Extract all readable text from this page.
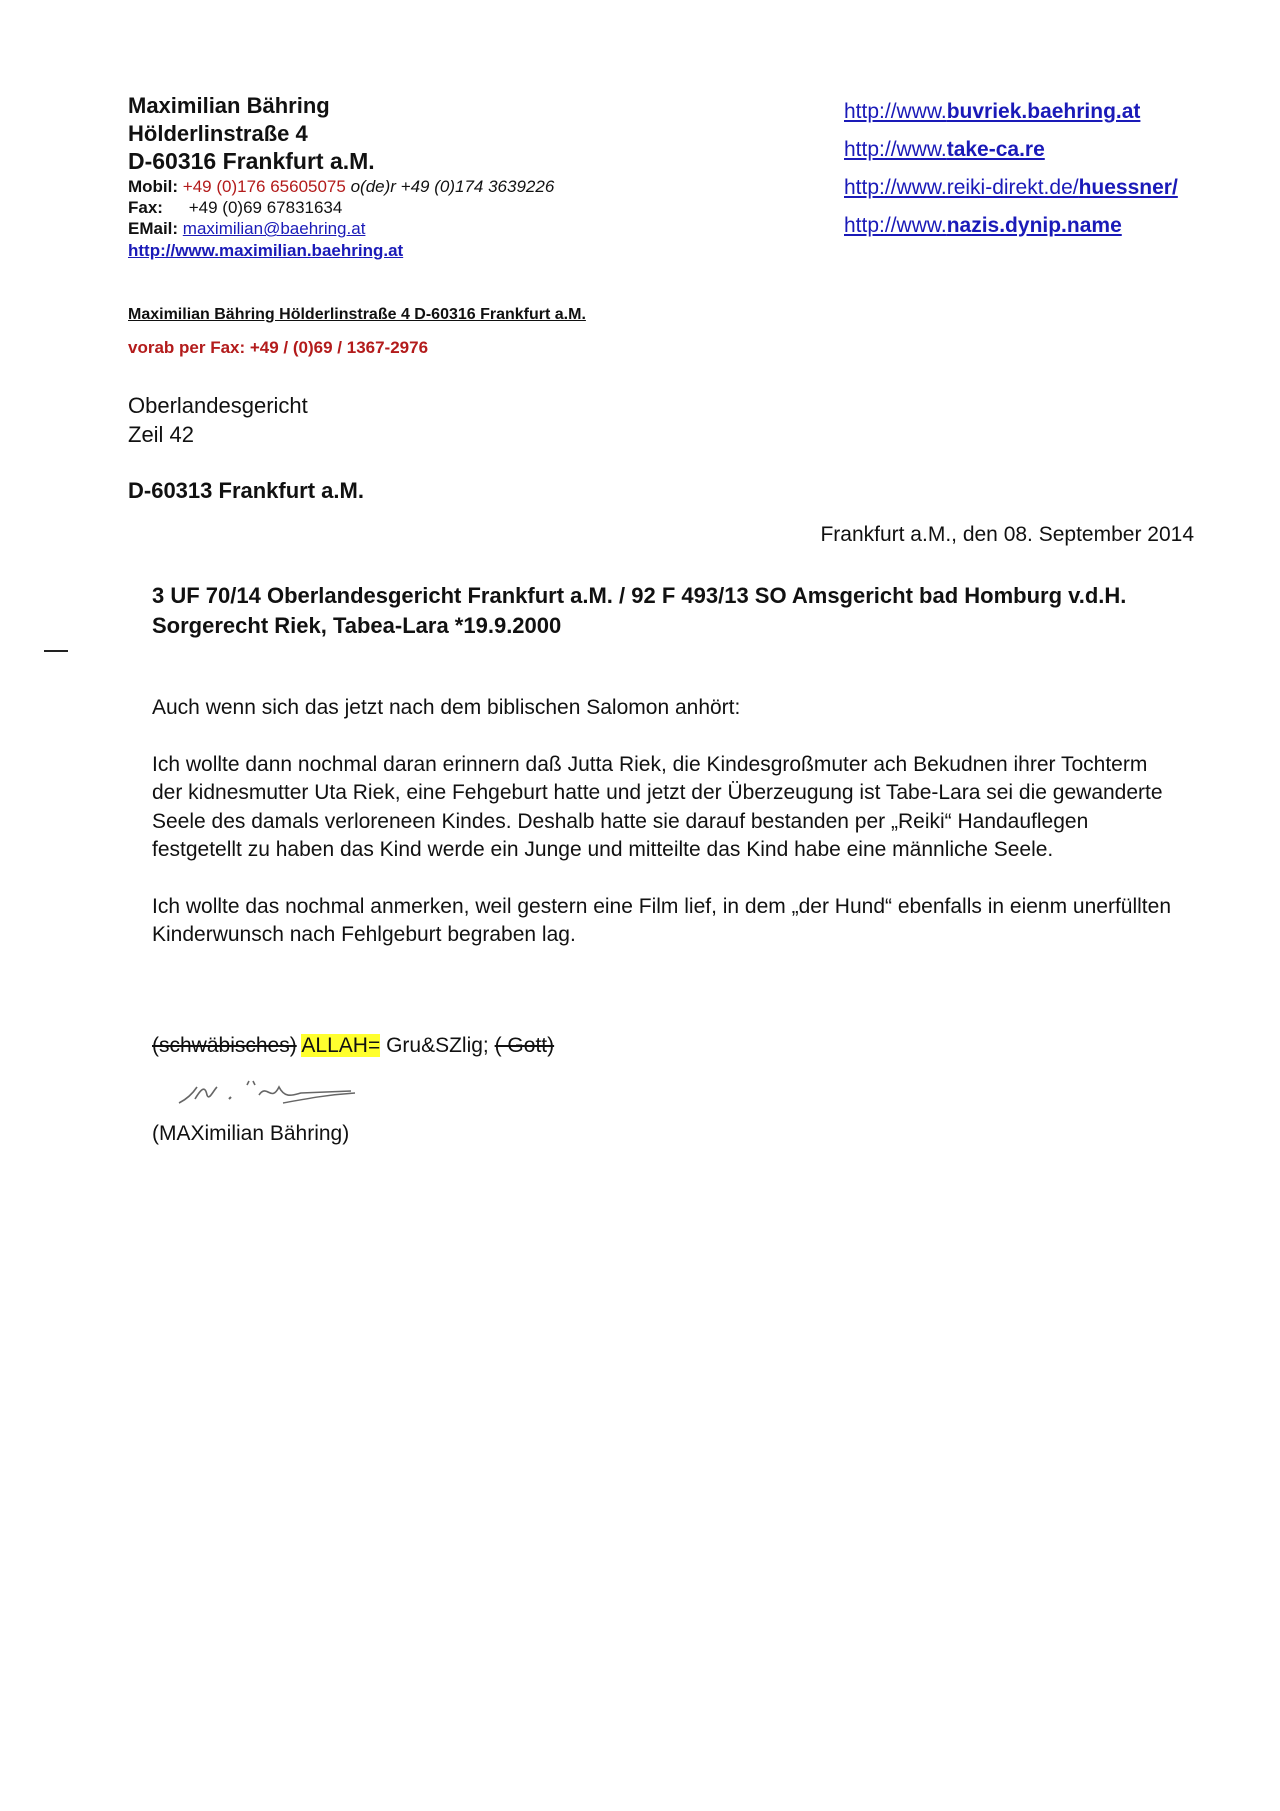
Maximilian Bähring
Hölderlinstraße 4
D-60316 Frankfurt a.M.
Mobil: +49 (0)176 65605075 o(de)r +49 (0)174 3639226
Fax: +49 (0)69 67831634
EMail: maximilian@baehring.at
http://www.maximilian.baehring.at
http://www.buvriek.baehring.at
http://www.take-ca.re
http://www.reiki-direkt.de/huessner/
http://www.nazis.dynip.name
Maximilian Bähring Hölderlinstraße 4 D-60316 Frankfurt a.M.
vorab per Fax: +49 / (0)69 / 1367-2976
Oberlandesgericht
Zeil 42
D-60313 Frankfurt a.M.
Frankfurt a.M., den 08. September 2014
3 UF 70/14 Oberlandesgericht Frankfurt a.M. / 92 F 493/13 SO Amsgericht bad Homburg v.d.H.
Sorgerecht Riek, Tabea-Lara *19.9.2000

Auch wenn sich das jetzt nach dem biblischen Salomon anhört:

Ich wollte dann nochmal daran erinnern daß Jutta Riek, die Kindesgroßmuter ach Bekudnen ihrer Tochterm der kidnesmutter Uta Riek, eine Fehgeburt hatte und jetzt der Überzeugung ist Tabe-Lara sei die gewanderte Seele des damals verloreneen Kindes. Deshalb hatte sie darauf bestanden per „Reiki“ Handauflegen festgetellt zu haben das Kind werde ein Junge und mitteilte das Kind habe eine männliche Seele.

Ich wollte das nochmal anmerken, weil gestern eine Film lief, in dem „der Hund“ ebenfalls in eienm unerfüllten Kinderwunsch nach Fehlgeburt begraben lag.

(schwäbisches) ALLAH= Gru&SZlig; ( Gott)
(MAXimilian Bähring)
